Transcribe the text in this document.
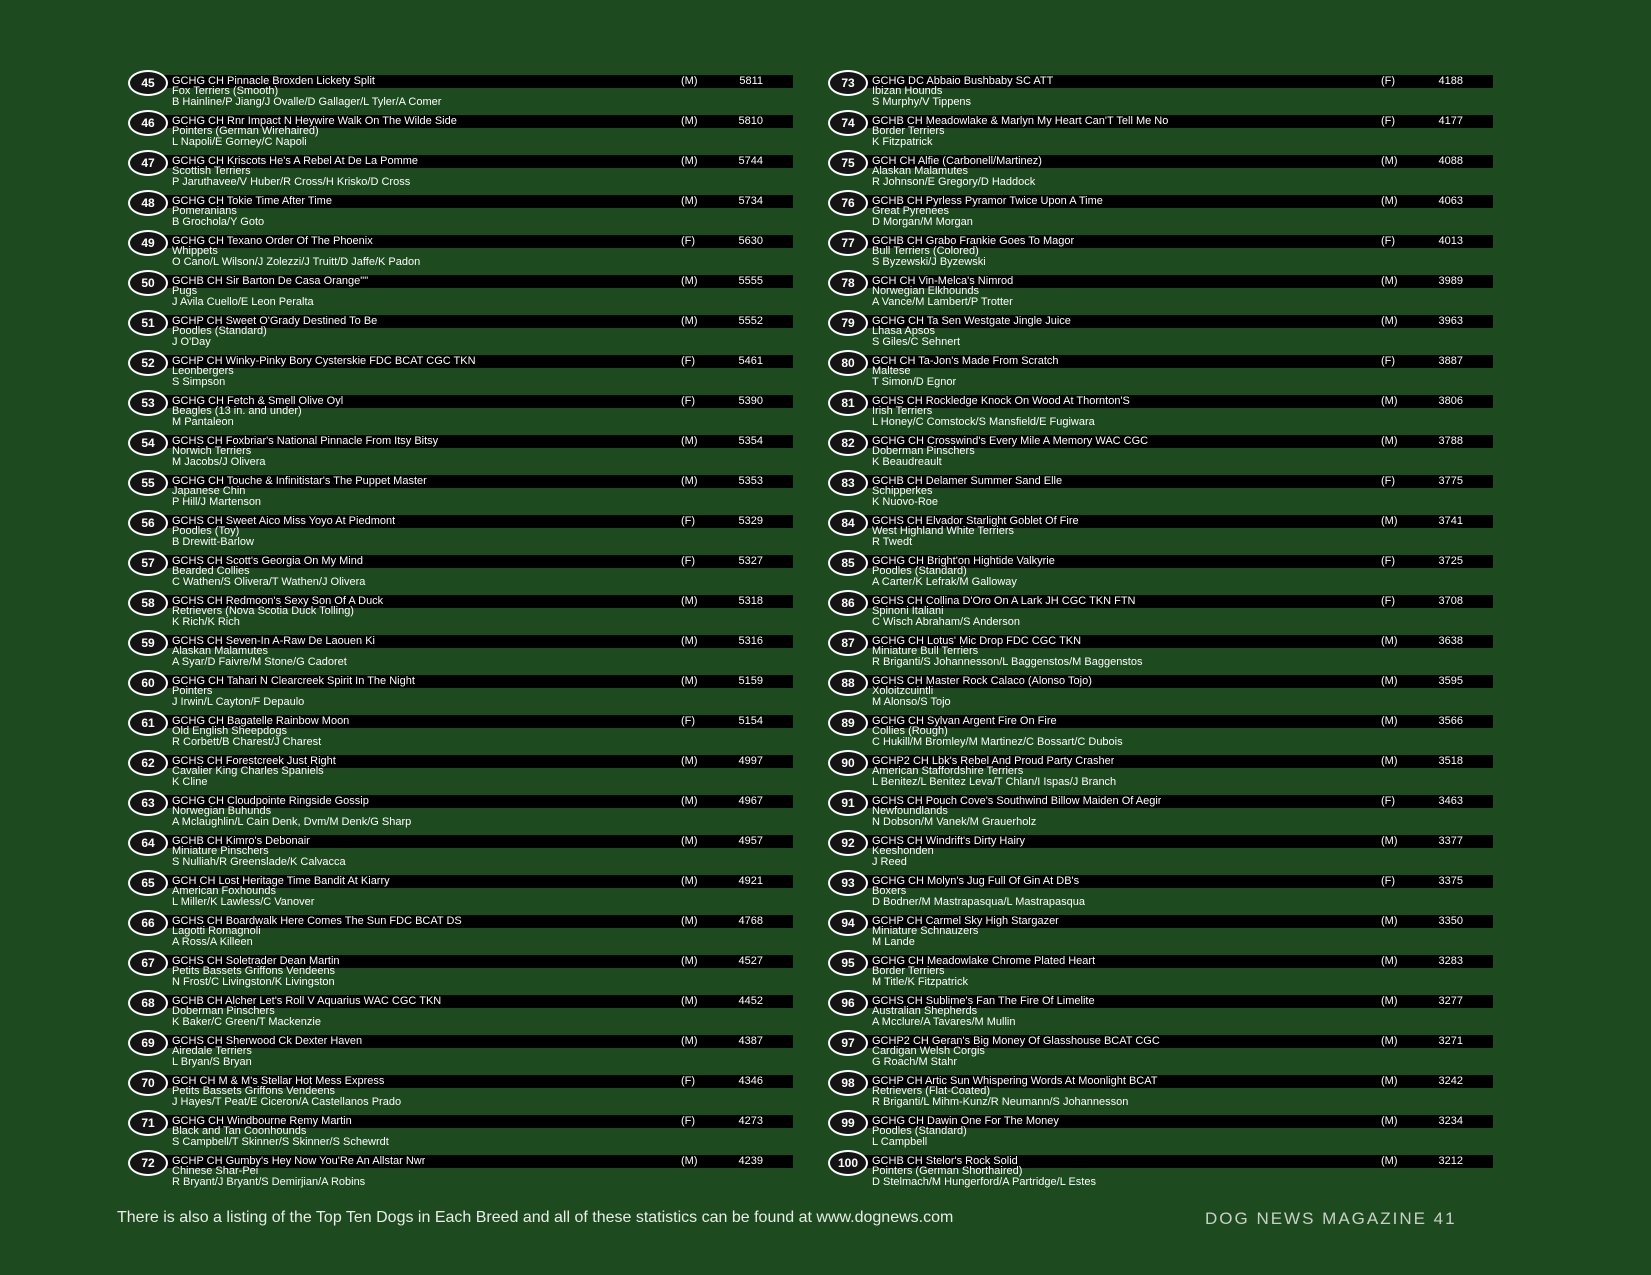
45	GCHG CH Pinnacle Broxden Lickety Split	(M)	5811
Fox Terriers (Smooth)
B Hainline/P Jiang/J Ovalle/D Gallager/L Tyler/A Comer
46	GCHG CH Rnr Impact N Heywire Walk On The Wilde Side	(M)	5810
Pointers (German Wirehaired)
L Napoli/E Gorney/C Napoli
47	GCHG CH Kriscots He's A Rebel At De La Pomme	(M)	5744
Scottish Terriers
P Jaruthavee/V Huber/R Cross/H Krisko/D Cross
48	GCHG CH Tokie Time After Time	(M)	5734
Pomeranians
B Grochola/Y Goto
49	GCHG CH Texano Order Of The Phoenix	(F)	5630
Whippets
O Cano/L Wilson/J Zolezzi/J Truitt/D Jaffe/K Padon
50	GCHB CH Sir Barton De Casa Orange""	(M)	5555
Pugs
J Avila Cuello/E Leon Peralta
51	GCHP CH Sweet O'Grady Destined To Be	(M)	5552
Poodles (Standard)
J O'Day
52	GCHP CH Winky-Pinky Bory Cysterskie FDC BCAT CGC TKN	(F)	5461
Leonbergers
S Simpson
53	GCHG CH Fetch & Smell Olive Oyl	(F)	5390
Beagles (13 in. and under)
M Pantaleon
54	GCHS CH Foxbriar's National Pinnacle From Itsy Bitsy	(M)	5354
Norwich Terriers
M Jacobs/J Olivera
55	GCHG CH Touche & Infinitistar's The Puppet Master	(M)	5353
Japanese Chin
P Hill/J Martenson
56	GCHS CH Sweet Aico Miss Yoyo At Piedmont	(F)	5329
Poodles (Toy)
B Drewitt-Barlow
57	GCHS CH Scott's Georgia On My Mind	(F)	5327
Bearded Collies
C Wathen/S Olivera/T Wathen/J Olivera
58	GCHS CH Redmoon's Sexy Son Of A Duck	(M)	5318
Retrievers (Nova Scotia Duck Tolling)
K Rich/K Rich
59	GCHS CH Seven-In A-Raw De Laouen Ki	(M)	5316
Alaskan Malamutes
A Syar/D Faivre/M Stone/G Cadoret
60	GCHG CH Tahari N Clearcreek Spirit In The Night	(M)	5159
Pointers
J Irwin/L Cayton/F Depaulo
61	GCHG CH Bagatelle Rainbow Moon	(F)	5154
Old English Sheepdogs
R Corbett/B Charest/J Charest
62	GCHS CH Forestcreek Just Right	(M)	4997
Cavalier King Charles Spaniels
K Cline
63	GCHG CH Cloudpointe Ringside Gossip	(M)	4967
Norwegian Buhunds
A Mclaughlin/L Cain Denk, Dvm/M Denk/G Sharp
64	GCHB CH Kimro's Debonair	(M)	4957
Miniature Pinschers
S Nulliah/R Greenslade/K Calvacca
65	GCH CH Lost Heritage Time Bandit At Kiarry	(M)	4921
American Foxhounds
L Miller/K Lawless/C Vanover
66	GCHS CH Boardwalk Here Comes The Sun FDC BCAT DS	(M)	4768
Lagotti Romagnoli
A Ross/A Killeen
67	GCHS CH Soletrader Dean Martin	(M)	4527
Petits Bassets Griffons Vendeens
N Frost/C Livingston/K Livingston
68	GCHB CH Alcher Let's Roll V Aquarius WAC CGC TKN	(M)	4452
Doberman Pinschers
K Baker/C Green/T Mackenzie
69	GCHS CH Sherwood Ck Dexter Haven	(M)	4387
Airedale Terriers
L Bryan/S Bryan
70	GCH CH M & M's Stellar Hot Mess Express	(F)	4346
Petits Bassets Griffons Vendeens
J Hayes/T Peat/E Ciceron/A Castellanos Prado
71	GCHG CH Windbourne Remy Martin	(F)	4273
Black and Tan Coonhounds
S Campbell/T Skinner/S Skinner/S Schewrdt
72	GCHP CH Gumby's Hey Now You'Re An Allstar Nwr	(M)	4239
Chinese Shar-Pei
R Bryant/J Bryant/S Demirjian/A Robins
73	GCHG DC Abbaio Bushbaby SC ATT	(F)	4188
Ibizan Hounds
S Murphy/V Tippens
74	GCHB CH Meadowlake & Marlyn My Heart Can'T Tell Me No	(F)	4177
Border Terriers
K Fitzpatrick
75	GCH CH Alfie (Carbonell/Martinez)	(M)	4088
Alaskan Malamutes
R Johnson/E Gregory/D Haddock
76	GCHB CH Pyrless Pyramor Twice Upon A Time	(M)	4063
Great Pyrenees
D Morgan/M Morgan
77	GCHB CH Grabo Frankie Goes To Magor	(F)	4013
Bull Terriers (Colored)
S Byzewski/J Byzewski
78	GCH CH Vin-Melca's Nimrod	(M)	3989
Norwegian Elkhounds
A Vance/M Lambert/P Trotter
79	GCHG CH Ta Sen Westgate Jingle Juice	(M)	3963
Lhasa Apsos
S Giles/C Sehnert
80	GCH CH Ta-Jon's Made From Scratch	(F)	3887
Maltese
T Simon/D Egnor
81	GCHS CH Rockledge Knock On Wood At Thornton'S	(M)	3806
Irish Terriers
L Honey/C Comstock/S Mansfield/E Fugiwara
82	GCHG CH Crosswind's Every Mile A Memory WAC CGC	(M)	3788
Doberman Pinschers
K Beaudreault
83	GCHB CH Delamer Summer Sand Elle	(F)	3775
Schipperkes
K Nuovo-Roe
84	GCHS CH Elvador Starlight Goblet Of Fire	(M)	3741
West Highland White Terriers
R Twedt
85	GCHG CH Bright'on Hightide Valkyrie	(F)	3725
Poodles (Standard)
A Carter/K Lefrak/M Galloway
86	GCHS CH Collina D'Oro On A Lark JH CGC TKN FTN	(F)	3708
Spinoni Italiani
C Wisch Abraham/S Anderson
87	GCHG CH Lotus' Mic Drop FDC CGC TKN	(M)	3638
Miniature Bull Terriers
R Briganti/S Johannesson/L Baggenstos/M Baggenstos
88	GCHS CH Master Rock Calaco (Alonso Tojo)	(M)	3595
Xoloitzcuintli
M Alonso/S Tojo
89	GCHG CH Sylvan Argent Fire On Fire	(M)	3566
Collies (Rough)
C Hukill/M Bromley/M Martinez/C Bossart/C Dubois
90	GCHP2 CH Lbk's Rebel And Proud Party Crasher	(M)	3518
American Staffordshire Terriers
L Benitez/L Benitez Leva/T Chlan/I Ispas/J Branch
91	GCHS CH Pouch Cove's Southwind Billow Maiden Of Aegir	(F)	3463
Newfoundlands
N Dobson/M Vanek/M Grauerholz
92	GCHS CH Windrift's Dirty Hairy	(M)	3377
Keeshonden
J Reed
93	GCHG CH Molyn's Jug Full Of Gin At DB's	(F)	3375
Boxers
D Bodner/M Mastrapasqua/L Mastrapasqua
94	GCHP CH Carmel Sky High Stargazer	(M)	3350
Miniature Schnauzers
M Lande
95	GCHG CH Meadowlake Chrome Plated Heart	(M)	3283
Border Terriers
M Title/K Fitzpatrick
96	GCHS CH Sublime's Fan The Fire Of Limelite	(M)	3277
Australian Shepherds
A Mcclure/A Tavares/M Mullin
97	GCHP2 CH Geran's Big Money Of Glasshouse BCAT CGC	(M)	3271
Cardigan Welsh Corgis
G Roach/M Stahr
98	GCHP CH Artic Sun Whispering Words At Moonlight BCAT	(M)	3242
Retrievers (Flat-Coated)
R Briganti/L Mihm-Kunz/R Neumann/S Johannesson
99	GCHG CH Dawin One For The Money	(M)	3234
Poodles (Standard)
L Campbell
100	GCHB CH Stelor's Rock Solid	(M)	3212
Pointers (German Shorthaired)
D Stelmach/M Hungerford/A Partridge/L Estes
There is also a listing of the Top Ten Dogs in Each Breed and all of these statistics can be found at www.dognews.com	DOG NEWS MAGAZINE 41
